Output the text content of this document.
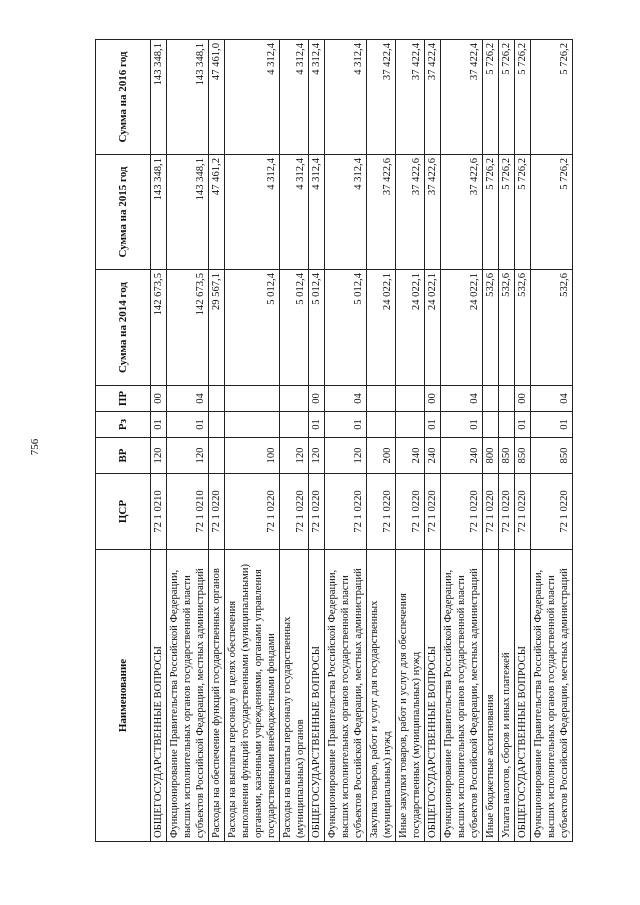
756
Наименование	ЦСР	ВР	Рз	ПР	Сумма на 2014 год	Сумма на 2015 год	Сумма на 2016 год
ОБЩЕГОСУДАРСТВЕННЫЕ ВОПРОСЫ	72 1 0210	120	01	00	142 673,5	143 348,1	143 348,1
Функционирование Правительства Российской Федерации, высших исполнительных органов государственной власти субъектов Российской Федерации, местных администраций	72 1 0210	120	01	04	142 673,5	143 348,1	143 348,1
Расходы на обеспечение функций государственных органов	72 1 0220				29 567,1	47 461,2	47 461,0
Расходы на выплаты персоналу в целях обеспечения выполнения функций государственными (муниципальными) органами, казенными учреждениями, органами управления государственными внебюджетными фондами	72 1 0220	100			5 012,4	4 312,4	4 312,4
Расходы на выплаты персоналу государственных (муниципальных) органов	72 1 0220	120			5 012,4	4 312,4	4 312,4
ОБЩЕГОСУДАРСТВЕННЫЕ ВОПРОСЫ	72 1 0220	120	01	00	5 012,4	4 312,4	4 312,4
Функционирование Правительства Российской Федерации, высших исполнительных органов государственной власти субъектов Российской Федерации, местных администраций	72 1 0220	120	01	04	5 012,4	4 312,4	4 312,4
Закупка товаров, работ и услуг для государственных (муниципальных) нужд	72 1 0220	200			24 022,1	37 422,6	37 422,4
Иные закупки товаров, работ и услуг для обеспечения государственных (муниципальных) нужд	72 1 0220	240			24 022,1	37 422,6	37 422,4
ОБЩЕГОСУДАРСТВЕННЫЕ ВОПРОСЫ	72 1 0220	240	01	00	24 022,1	37 422,6	37 422,4
Функционирование Правительства Российской Федерации, высших исполнительных органов государственной власти субъектов Российской Федерации, местных администраций	72 1 0220	240	01	04	24 022,1	37 422,6	37 422,4
Иные бюджетные ассигнования	72 1 0220	800			532,6	5 726,2	5 726,2
Уплата налогов, сборов и иных платежей	72 1 0220	850			532,6	5 726,2	5 726,2
ОБЩЕГОСУДАРСТВЕННЫЕ ВОПРОСЫ	72 1 0220	850	01	00	532,6	5 726,2	5 726,2
Функционирование Правительства Российской Федерации, высших исполнительных органов государственной власти субъектов Российской Федерации, местных администраций	72 1 0220	850	01	04	532,6	5 726,2	5 726,2
